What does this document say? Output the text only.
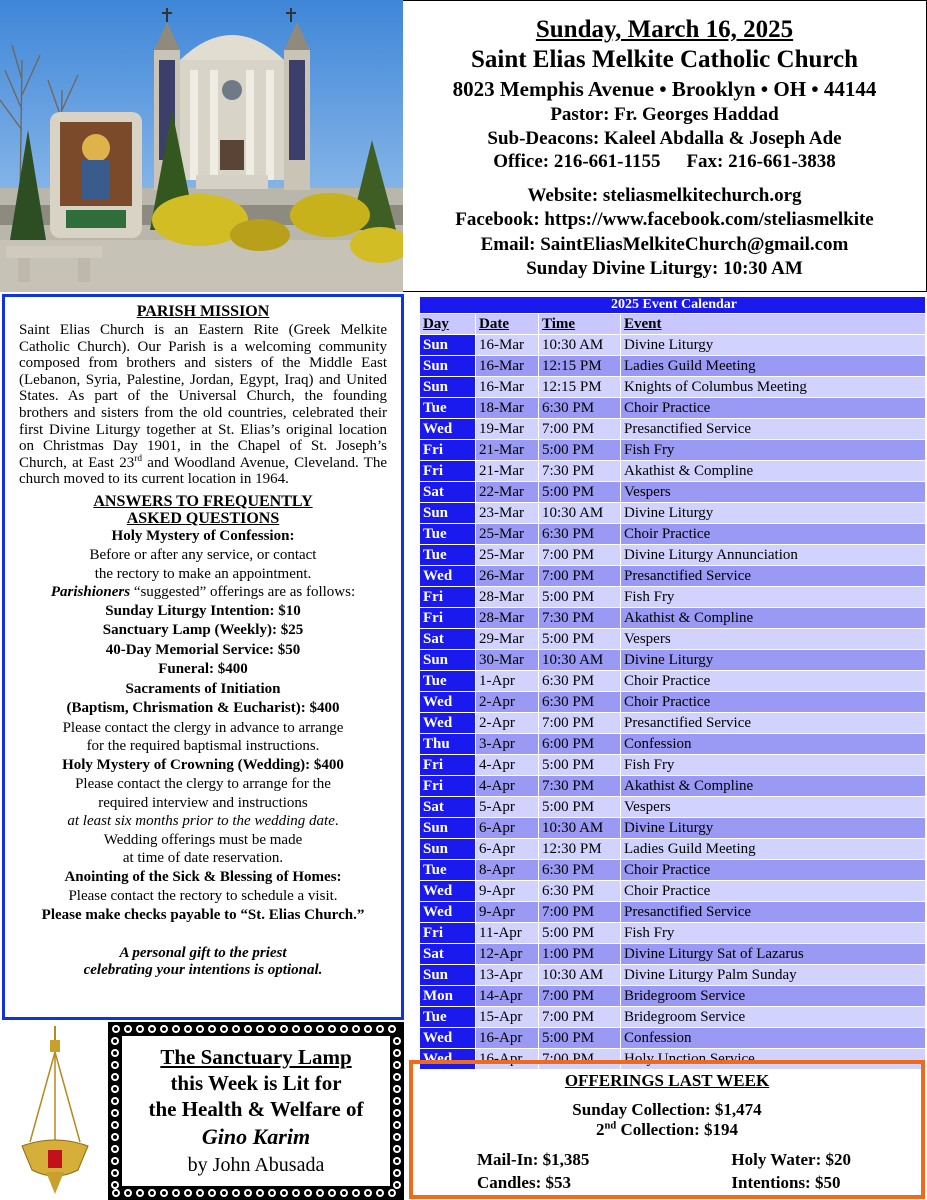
Sunday, March 16, 2025
Saint Elias Melkite Catholic Church
8023 Memphis Avenue • Brooklyn • OH • 44144
Pastor: Fr. Georges Haddad
Sub-Deacons: Kaleel Abdalla & Joseph Ade
Office: 216-661-1155 Fax: 216-661-3838
Website: steliasmelkitechurch.org
Facebook: https://www.facebook.com/steliasmelkite
Email: SaintEliasMelkiteChurch@gmail.com
Sunday Divine Liturgy: 10:30 AM
PARISH MISSION
Saint Elias Church is an Eastern Rite (Greek Melkite Catholic Church). Our Parish is a welcoming community composed from brothers and sisters of the Middle East (Lebanon, Syria, Palestine, Jordan, Egypt, Iraq) and United States. As part of the Universal Church, the founding brothers and sisters from the old countries, celebrated their first Divine Liturgy together at St. Elias’s original location on Christmas Day 1901, in the Chapel of St. Joseph’s Church, at East 23rd and Woodland Avenue, Cleveland. The church moved to its current location in 1964.
ANSWERS TO FREQUENTLY
ASKED QUESTIONS
Holy Mystery of Confession:
Before or after any service, or contact
the rectory to make an appointment.
Parishioners “suggested” offerings are as follows:
Sunday Liturgy Intention: $10
Sanctuary Lamp (Weekly): $25
40-Day Memorial Service: $50
Funeral: $400
Sacraments of Initiation
(Baptism, Chrismation & Eucharist): $400
Please contact the clergy in advance to arrange
for the required baptismal instructions.
Holy Mystery of Crowning (Wedding): $400
Please contact the clergy to arrange for the
required interview and instructions
at least six months prior to the wedding date.
Wedding offerings must be made
at time of date reservation.
Anointing of the Sick & Blessing of Homes:
Please contact the rectory to schedule a visit.
Please make checks payable to “St. Elias Church.”
A personal gift to the priest
celebrating your intentions is optional.
The Sanctuary Lamp
this Week is Lit for
the Health & Welfare of
Gino Karim
by John Abusada
2025 Event Calendar			
Day	Date	Time	Event
Sun	16-Mar	10:30 AM	Divine Liturgy
Sun	16-Mar	12:15 PM	Ladies Guild Meeting
Sun	16-Mar	12:15 PM	Knights of Columbus Meeting
Tue	18-Mar	6:30 PM	Choir Practice
Wed	19-Mar	7:00 PM	Presanctified Service
Fri	21-Mar	5:00 PM	Fish Fry
Fri	21-Mar	7:30 PM	Akathist & Compline
Sat	22-Mar	5:00 PM	Vespers
Sun	23-Mar	10:30 AM	Divine Liturgy
Tue	25-Mar	6:30 PM	Choir Practice
Tue	25-Mar	7:00 PM	Divine Liturgy Annunciation
Wed	26-Mar	7:00 PM	Presanctified Service
Fri	28-Mar	5:00 PM	Fish Fry
Fri	28-Mar	7:30 PM	Akathist & Compline
Sat	29-Mar	5:00 PM	Vespers
Sun	30-Mar	10:30 AM	Divine Liturgy
Tue	1-Apr	6:30 PM	Choir Practice
Wed	2-Apr	6:30 PM	Choir Practice
Wed	2-Apr	7:00 PM	Presanctified Service
Thu	3-Apr	6:00 PM	Confession
Fri	4-Apr	5:00 PM	Fish Fry
Fri	4-Apr	7:30 PM	Akathist & Compline
Sat	5-Apr	5:00 PM	Vespers
Sun	6-Apr	10:30 AM	Divine Liturgy
Sun	6-Apr	12:30 PM	Ladies Guild Meeting
Tue	8-Apr	6:30 PM	Choir Practice
Wed	9-Apr	6:30 PM	Choir Practice
Wed	9-Apr	7:00 PM	Presanctified Service
Fri	11-Apr	5:00 PM	Fish Fry
Sat	12-Apr	1:00 PM	Divine Liturgy Sat of Lazarus
Sun	13-Apr	10:30 AM	Divine Liturgy Palm Sunday
Mon	14-Apr	7:00 PM	Bridegroom Service
Tue	15-Apr	7:00 PM	Bridegroom Service
Wed	16-Apr	5:00 PM	Confession
Wed	16-Apr	7:00 PM	Holy Unction Service
OFFERINGS LAST WEEK
Sunday Collection: $1,474
2nd Collection: $194
Mail-In: $1,385
Candles: $53
Holy Water: $20
Intentions: $50
